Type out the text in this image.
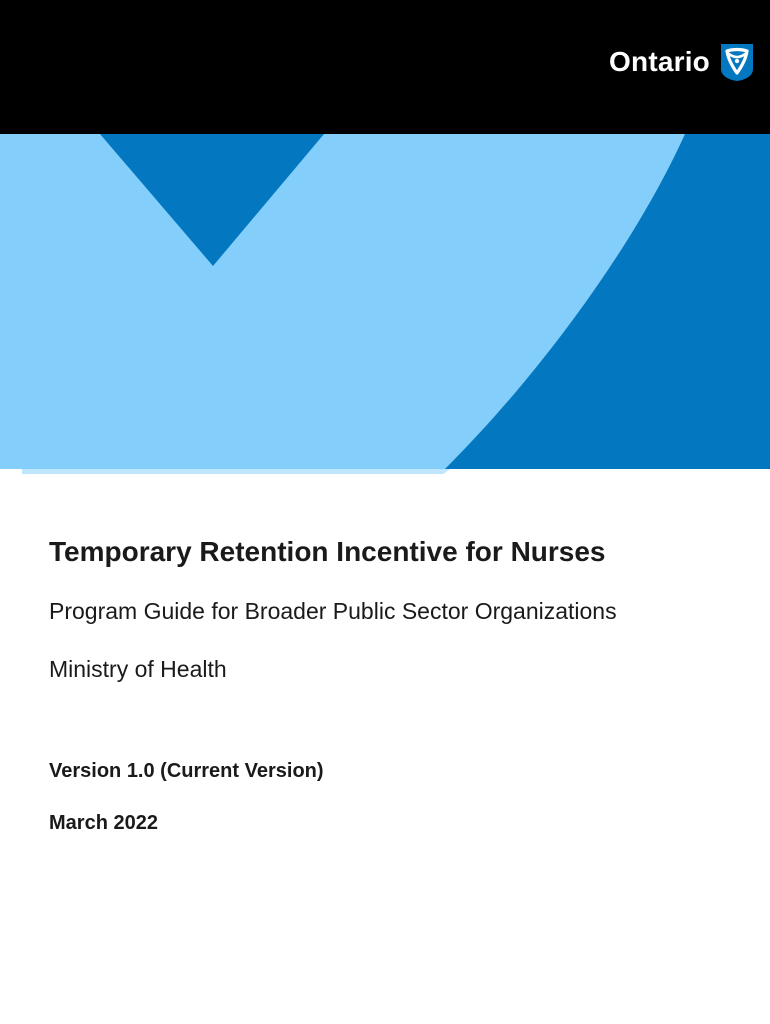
Ontario
Temporary Retention Incentive for Nurses

Program Guide for Broader Public Sector Organizations

Ministry of Health

Version 1.0 (Current Version)

March 2022
